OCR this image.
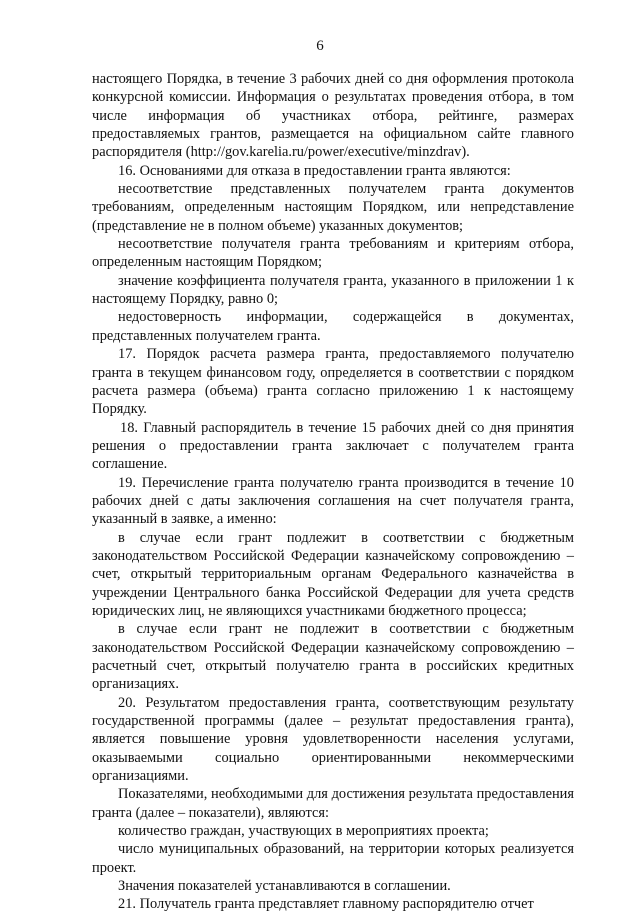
6

настоящего Порядка, в течение 3 рабочих дней со дня оформления протокола конкурсной комиссии. Информация о результатах проведения отбора, в том числе информация об участниках отбора, рейтинге, размерах предоставляемых грантов, размещается на официальном сайте главного распорядителя (http://gov.karelia.ru/power/executive/minzdrav).

16. Основаниями для отказа в предоставлении гранта являются:

несоответствие представленных получателем гранта документов требованиям, определенным настоящим Порядком, или непредставление (представление не в полном объеме) указанных документов;

несоответствие получателя гранта требованиям и критериям отбора, определенным настоящим Порядком;

значение коэффициента получателя гранта, указанного в приложении 1 к настоящему Порядку, равно 0;

недостоверность информации, содержащейся в документах, представленных получателем гранта.

17. Порядок расчета размера гранта, предоставляемого получателю гранта в текущем финансовом году, определяется в соответствии с порядком расчета размера (объема) гранта согласно приложению 1 к настоящему Порядку.

18. Главный распорядитель в течение 15 рабочих дней со дня принятия решения о предоставлении гранта заключает с получателем гранта соглашение.

19. Перечисление гранта получателю гранта производится в течение 10 рабочих дней с даты заключения соглашения на счет получателя гранта, указанный в заявке, а именно:

в случае если грант подлежит в соответствии с бюджетным законодательством Российской Федерации казначейскому сопровождению – счет, открытый территориальным органам Федерального казначейства в учреждении Центрального банка Российской Федерации для учета средств юридических лиц, не являющихся участниками бюджетного процесса;

в случае если грант не подлежит в соответствии с бюджетным законодательством Российской Федерации казначейскому сопровождению – расчетный счет, открытый получателю гранта в российских кредитных организациях.

20. Результатом предоставления гранта, соответствующим результату государственной программы (далее – результат предоставления гранта), является повышение уровня удовлетворенности населения услугами, оказываемыми социально ориентированными некоммерческими организациями.

Показателями, необходимыми для достижения результата предоставления гранта (далее – показатели), являются:

количество граждан, участвующих в мероприятиях проекта;

число муниципальных образований, на территории которых реализуется проект.

Значения показателей устанавливаются в соглашении.

21. Получатель гранта представляет главному распорядителю отчет
